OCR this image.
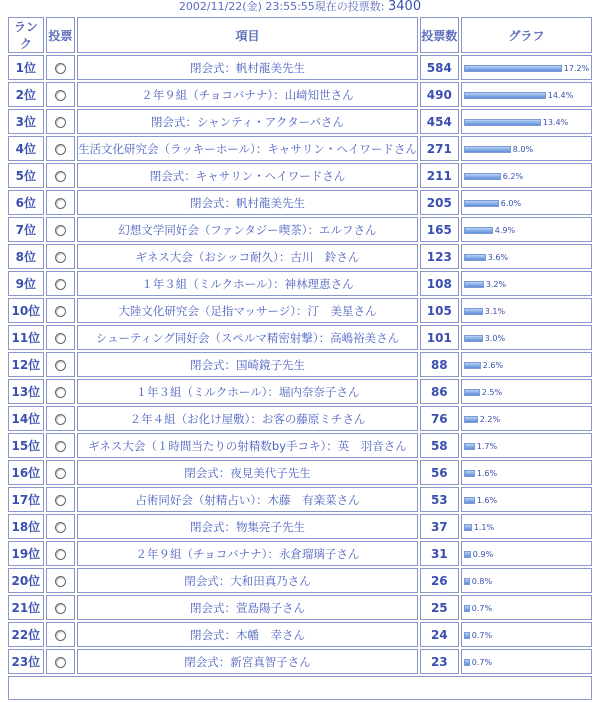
2002/11/22(金) 23:55:55現在の投票数: 3400
ランク	投票	項目	投票数	グラフ
1位		閉会式：帆村龍美先生	584	17.2%
2位		２年９組（チョコバナナ）：山﨑知世さん	490	14.4%
3位		閉会式：シャンティ・アクターバさん	454	13.4%
4位		生活文化研究会（ラッキーホール）：キャサリン・ヘイワードさん	271	8.0%
5位		閉会式：キャサリン・ヘイワードさん	211	6.2%
6位		閉会式：帆村龍美先生	205	6.0%
7位		幻想文学同好会（ファンタジー喫茶）：エルフさん	165	4.9%
8位		ギネス大会（おシッコ耐久）：古川　鈴さん	123	3.6%
9位		１年３組（ミルクホール）：神林理恵さん	108	3.2%
10位		大陸文化研究会（足指マッサージ）：汀　美星さん	105	3.1%
11位		シューティング同好会（スペルマ精密射撃）：高嶋裕美さん	101	3.0%
12位		閉会式：国崎鏡子先生	88	2.6%
13位		１年３組（ミルクホール）：堀内奈奈子さん	86	2.5%
14位		２年４組（お化け屋敷）：お客の藤原ミチさん	76	2.2%
15位		ギネス大会（１時間当たりの射精数by手コキ）：英　羽音さん	58	1.7%
16位		閉会式：夜見美代子先生	56	1.6%
17位		占術同好会（射精占い）：木藤　有楽菜さん	53	1.6%
18位		閉会式：物集亮子先生	37	1.1%
19位		２年９組（チョコバナナ）：永倉瑠璃子さん	31	0.9%
20位		閉会式：大和田真乃さん	26	0.8%
21位		閉会式：萱島陽子さん	25	0.7%
22位		閉会式：木幡　幸さん	24	0.7%
23位		閉会式：新宮真智子さん	23	0.7%
